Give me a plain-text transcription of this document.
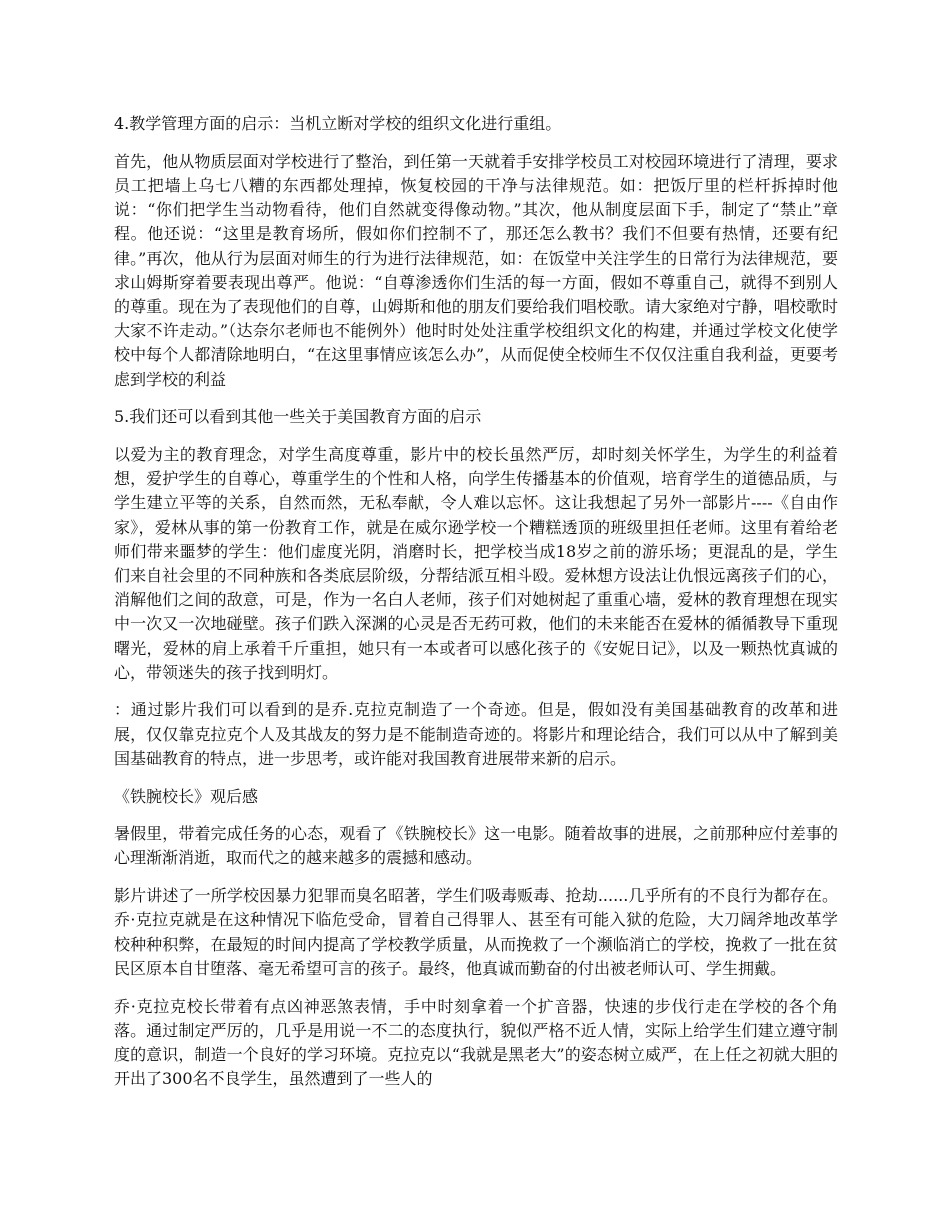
4.教学管理方面的启示：当机立断对学校的组织文化进行重组。

首先，他从物质层面对学校进行了整治，到任第一天就着手安排学校员工对校园环境进行了清理，要求员工把墙上乌七八糟的东西都处理掉，恢复校园的干净与法律规范。如：把饭厅里的栏杆拆掉时他说：“你们把学生当动物看待，他们自然就变得像动物。”其次，他从制度层面下手，制定了“禁止”章程。他还说：“这里是教育场所，假如你们控制不了，那还怎么教书？我们不但要有热情，还要有纪律。”再次，他从行为层面对师生的行为进行法律规范，如：在饭堂中关注学生的日常行为法律规范，要求山姆斯穿着要表现出尊严。他说：“自尊渗透你们生活的每一方面，假如不尊重自己，就得不到别人的尊重。现在为了表现他们的自尊，山姆斯和他的朋友们要给我们唱校歌。请大家绝对宁静，唱校歌时大家不许走动。”（达奈尔老师也不能例外）他时时处处注重学校组织文化的构建，并通过学校文化使学校中每个人都清除地明白，“在这里事情应该怎么办”，从而促使全校师生不仅仅注重自我利益，更要考虑到学校的利益

5.我们还可以看到其他一些关于美国教育方面的启示

以爱为主的教育理念，对学生高度尊重，影片中的校长虽然严厉，却时刻关怀学生，为学生的利益着想，爱护学生的自尊心，尊重学生的个性和人格，向学生传播基本的价值观，培育学生的道德品质，与学生建立平等的关系，自然而然，无私奉献，令人难以忘怀。这让我想起了另外一部影片----《自由作家》，爱林从事的第一份教育工作，就是在威尔逊学校一个糟糕透顶的班级里担任老师。这里有着给老师们带来噩梦的学生：他们虚度光阴，消磨时长，把学校当成18岁之前的游乐场；更混乱的是，学生们来自社会里的不同种族和各类底层阶级，分帮结派互相斗殴。爱林想方设法让仇恨远离孩子们的心，消解他们之间的敌意，可是，作为一名白人老师，孩子们对她树起了重重心墙，爱林的教育理想在现实中一次又一次地碰壁。孩子们跌入深渊的心灵是否无药可救，他们的未来能否在爱林的循循教导下重现曙光，爱林的肩上承着千斤重担，她只有一本或者可以感化孩子的《安妮日记》，以及一颗热忱真诚的心，带领迷失的孩子找到明灯。

：通过影片我们可以看到的是乔.克拉克制造了一个奇迹。但是，假如没有美国基础教育的改革和进展，仅仅靠克拉克个人及其战友的努力是不能制造奇迹的。将影片和理论结合，我们可以从中了解到美国基础教育的特点，进一步思考，或许能对我国教育进展带来新的启示。

《铁腕校长》观后感

暑假里，带着完成任务的心态，观看了《铁腕校长》这一电影。随着故事的进展，之前那种应付差事的心理渐渐消逝，取而代之的越来越多的震撼和感动。

影片讲述了一所学校因暴力犯罪而臭名昭著，学生们吸毒贩毒、抢劫......几乎所有的不良行为都存在。乔·克拉克就是在这种情况下临危受命，冒着自己得罪人、甚至有可能入狱的危险，大刀阔斧地改革学校种种积弊，在最短的时间内提高了学校教学质量，从而挽救了一个濒临消亡的学校，挽救了一批在贫民区原本自甘堕落、毫无希望可言的孩子。最终，他真诚而勤奋的付出被老师认可、学生拥戴。

乔·克拉克校长带着有点凶神恶煞表情，手中时刻拿着一个扩音器，快速的步伐行走在学校的各个角落。通过制定严厉的，几乎是用说一不二的态度执行，貌似严格不近人情，实际上给学生们建立遵守制度的意识，制造一个良好的学习环境。克拉克以“我就是黑老大”的姿态树立威严，在上任之初就大胆的开出了300名不良学生，虽然遭到了一些人的
